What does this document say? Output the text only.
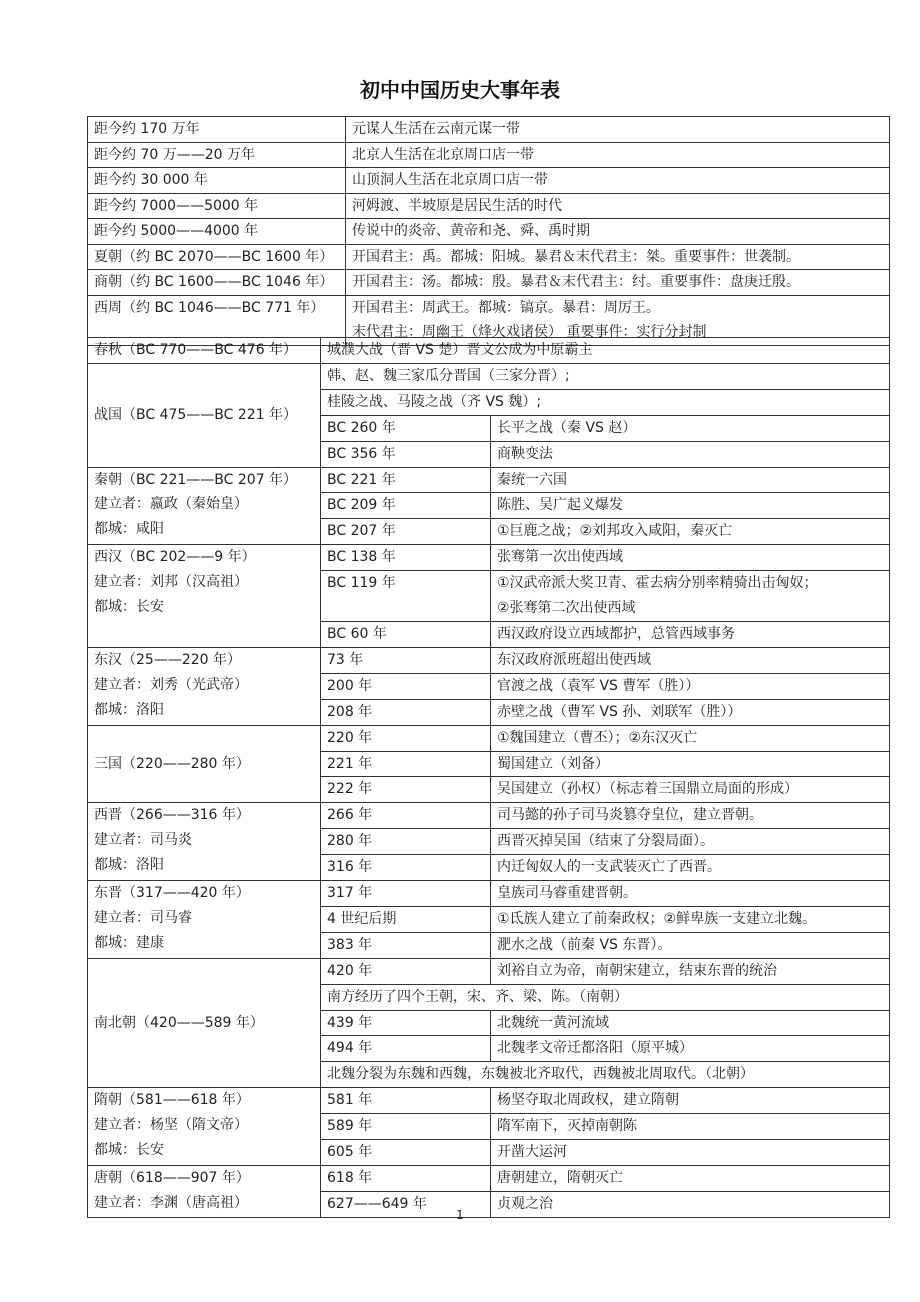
初中中国历史大事年表
距今约 170 万年	元谋人生活在云南元谋一带

距今约 70 万——20 万年	北京人生活在北京周口店一带

距今约 30 000 年	山顶洞人生活在北京周口店一带

距今约 7000——5000 年	河姆渡、半坡原是居民生活的时代

距今约 5000——4000 年	传说中的炎帝、黄帝和尧、舜、禹时期

夏朝（约 BC 2070——BC 1600 年）	开国君主：禹。都城：阳城。暴君＆末代君主：桀。重要事件：世袭制。

商朝（约 BC 1600——BC 1046 年）	开国君主：汤。都城：殷。暴君＆末代君主：纣。重要事件：盘庚迁殷。

西周（约 BC 1046——BC 771 年）	开国君主：周武王。都城：镐京。暴君：周厉王。
末代君主：周幽王（烽火戏诸侯） 重要事件：实行分封制
春秋（BC 770——BC 476 年）	城濮大战（晋 VS 楚）晋文公成为中原霸主	

战国（BC 475——BC 221 年）	韩、赵、魏三家瓜分晋国（三家分晋）;	

	桂陵之战、马陵之战（齐 VS 魏）;	

	BC 260 年	长平之战（秦 VS 赵）

	BC 356 年	商鞅变法

秦朝（BC 221——BC 207 年）
建立者：嬴政（秦始皇）
都城：咸阳	BC 221 年	秦统一六国

	BC 209 年	陈胜、吴广起义爆发

	BC 207 年	①巨鹿之战；②刘邦攻入咸阳，秦灭亡

西汉（BC 202——9 年）
建立者：刘邦（汉高祖）
都城：长安	BC 138 年	张骞第一次出使西域

	BC 119 年	①汉武帝派大奖卫青、霍去病分别率精骑出击匈奴；
②张骞第二次出使西域

	BC 60 年	西汉政府设立西域都护，总管西域事务

东汉（25——220 年）
建立者：刘秀（光武帝）
都城：洛阳	73 年	东汉政府派班超出使西域

	200 年	官渡之战（袁军 VS 曹军（胜））

	208 年	赤壁之战（曹军 VS 孙、刘联军（胜））

三国（220——280 年）	220 年	①魏国建立（曹丕）；②东汉灭亡

	221 年	蜀国建立（刘备）

	222 年	吴国建立（孙权）（标志着三国鼎立局面的形成）

西晋（266——316 年）
建立者：司马炎
都城：洛阳	266 年	司马懿的孙子司马炎篡夺皇位，建立晋朝。

	280 年	西晋灭掉吴国（结束了分裂局面）。

	316 年	内迁匈奴人的一支武装灭亡了西晋。

东晋（317——420 年）
建立者：司马睿
都城：建康	317 年	皇族司马睿重建晋朝。

	4 世纪后期	①氐族人建立了前秦政权；②鲜卑族一支建立北魏。

	383 年	淝水之战（前秦 VS 东晋）。

南北朝（420——589 年）	420 年	刘裕自立为帝，南朝宋建立，结束东晋的统治

	南方经历了四个王朝，宋、齐、梁、陈。（南朝）	

	439 年	北魏统一黄河流域

	494 年	北魏孝文帝迁都洛阳（原平城）

	北魏分裂为东魏和西魏，东魏被北齐取代，西魏被北周取代。（北朝）	

隋朝（581——618 年）
建立者：杨坚（隋文帝）
都城：长安	581 年	杨坚夺取北周政权，建立隋朝

	589 年	隋军南下，灭掉南朝陈

	605 年	开凿大运河

唐朝（618——907 年）
建立者：李渊（唐高祖）	618 年	唐朝建立，隋朝灭亡

	627——649 年	贞观之治
1
